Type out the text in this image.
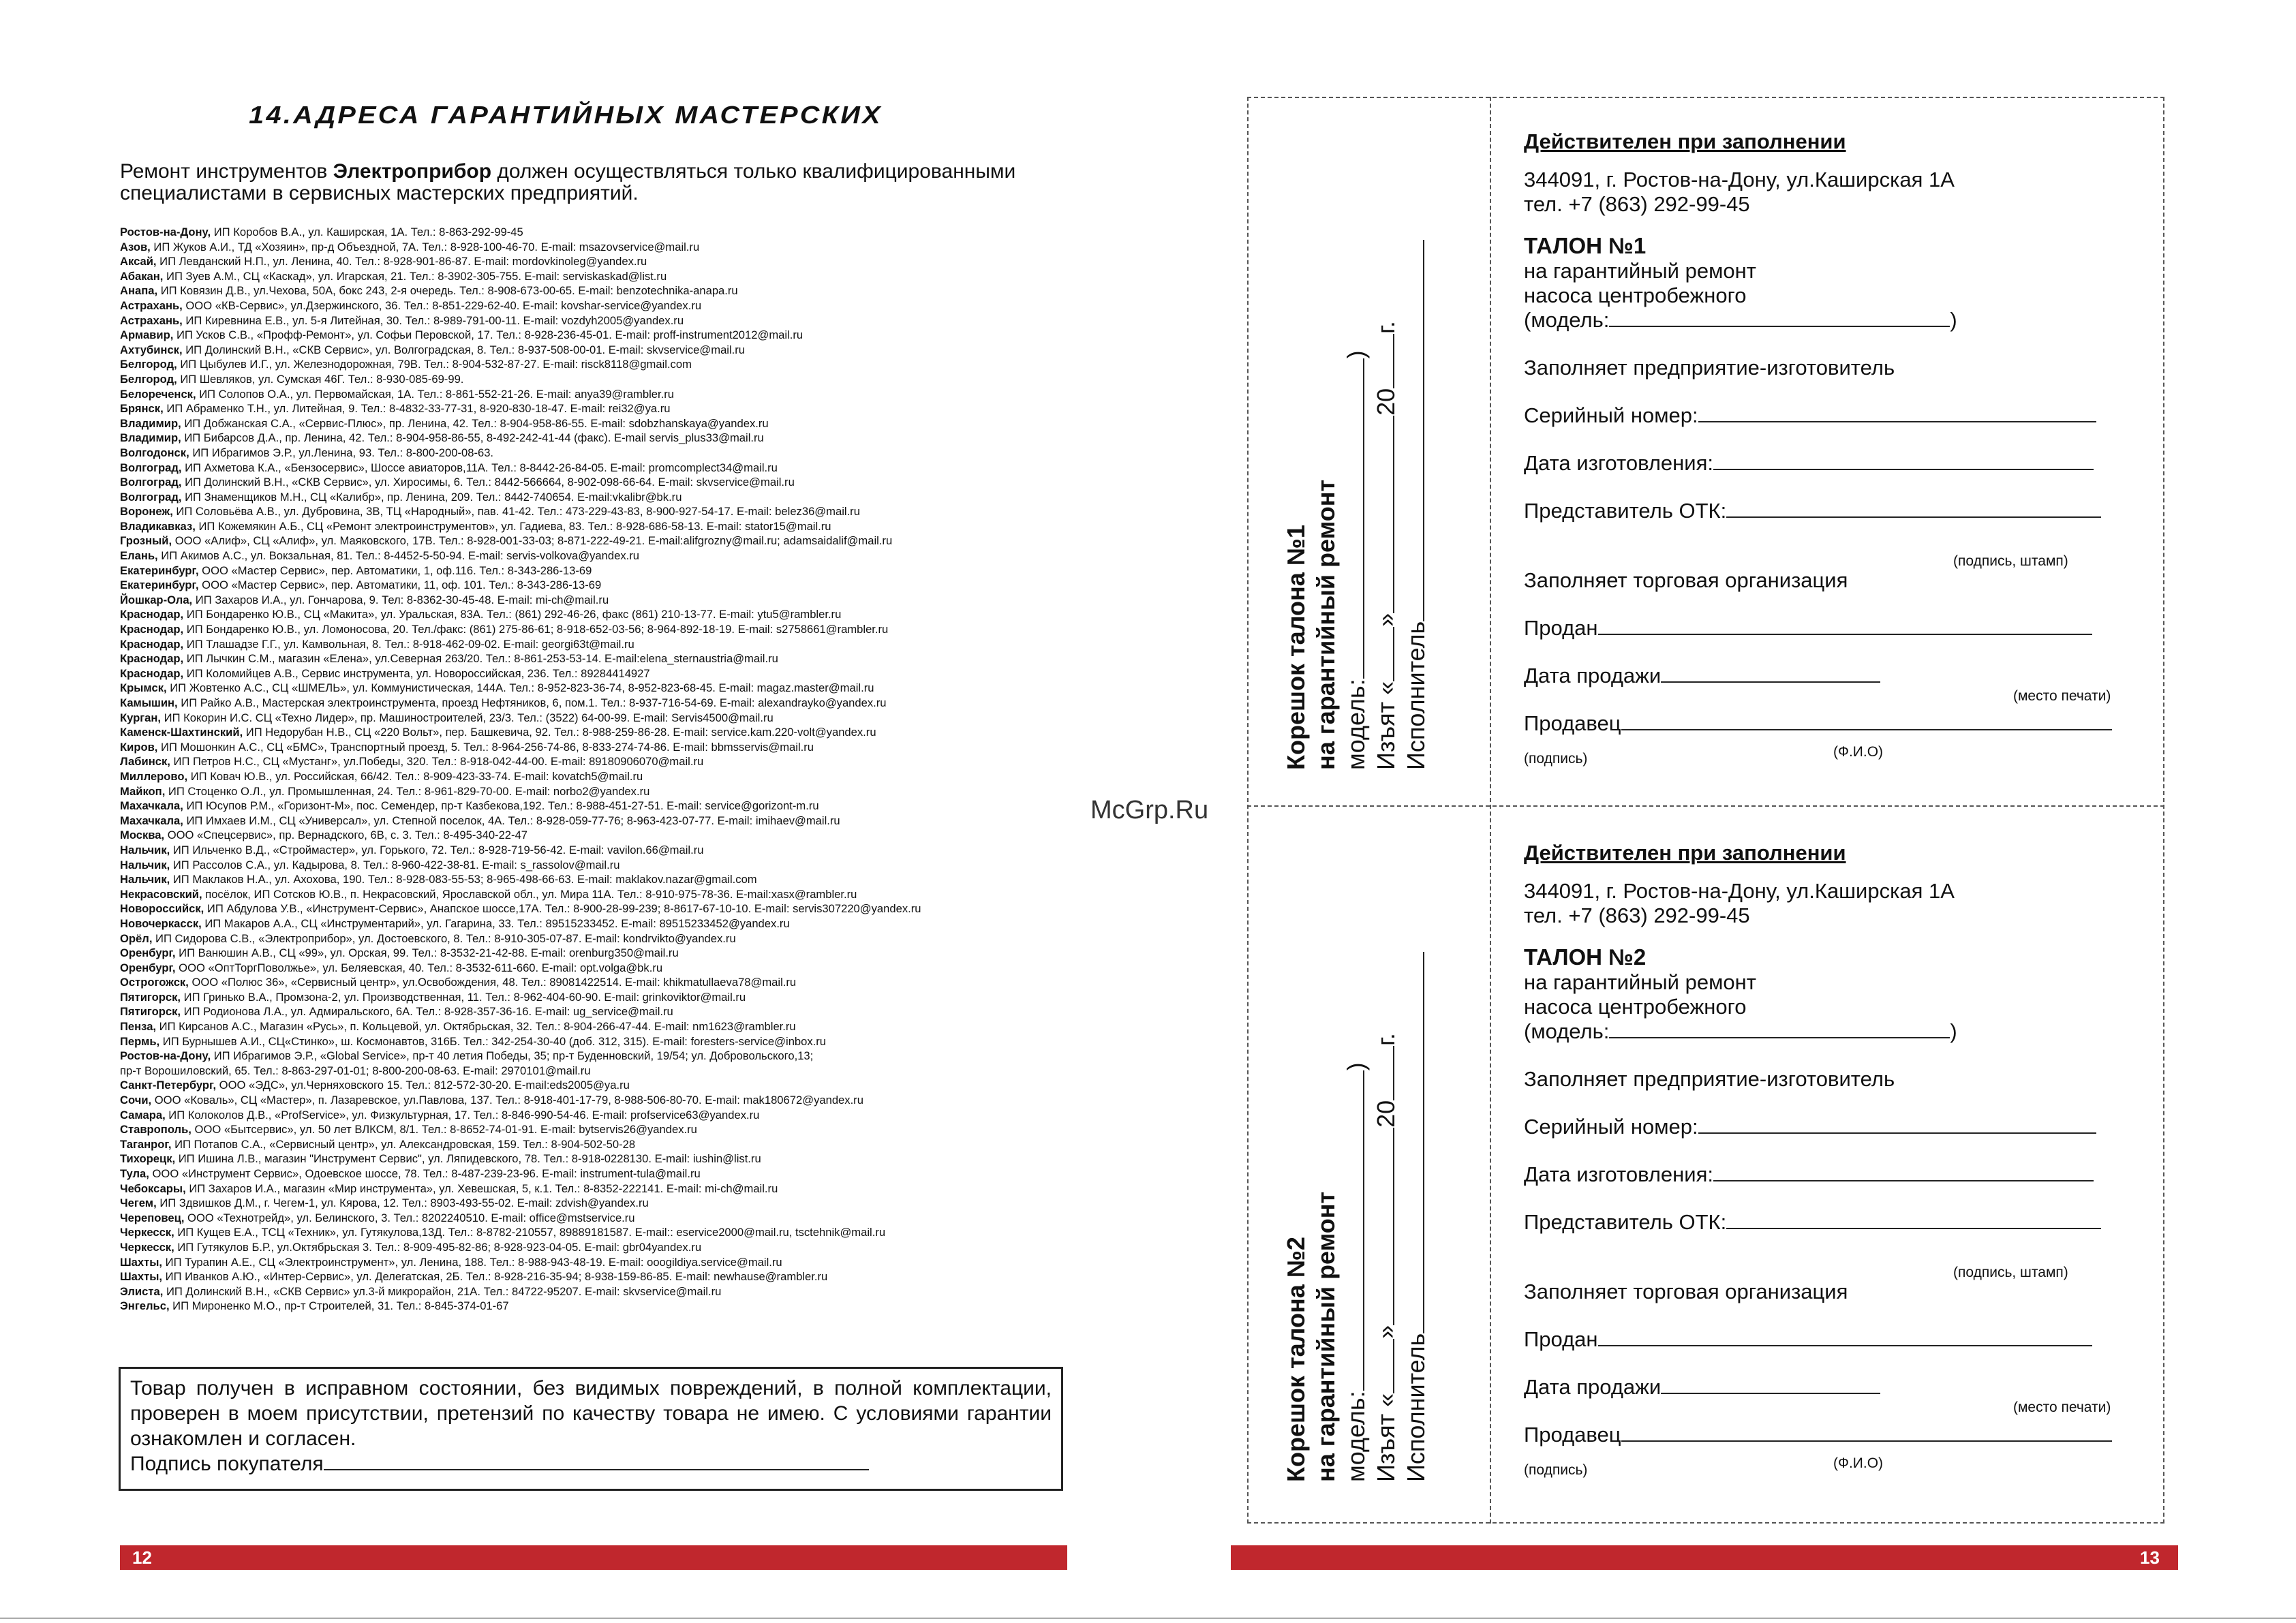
14.АДРЕСА ГАРАНТИЙНЫХ МАСТЕРСКИХ
Ремонт инструментов Электроприбор должен осуществляться только квалифицированными специалистами в сервисных мастерских предприятий.
Ростов-на-Дону, ИП Коробов В.А., ул. Каширская, 1А. Тел.: 8-863-292-99-45
Азов, ИП Жуков А.И., ТД «Хозяин», пр-д Объездной, 7А. Тел.: 8-928-100-46-70. E-mail: msazovservice@mail.ru
Аксай, ИП Левданский Н.П., ул. Ленина, 40. Тел.: 8-928-901-86-87. E-mail: mordovkinoleg@yandex.ru
Абакан, ИП Зуев А.М., СЦ «Каскад», ул. Игарская, 21. Тел.: 8-3902-305-755. E-mail: serviskaskad@list.ru
Анапа, ИП Ковязин Д.В., ул.Чехова, 50А, бокс 243, 2-я очередь. Тел.: 8-908-673-00-65. E-mail: benzotechnika-anapa.ru
Астрахань, ООО «КВ-Сервис», ул.Дзержинского, 36. Тел.: 8-851-229-62-40. E-mail: kovshar-service@yandex.ru
Астрахань, ИП Киревнина Е.В., ул. 5-я Литейная, 30. Тел.: 8-989-791-00-11. E-mail: vozdyh2005@yandex.ru
Армавир, ИП Усков С.В., «Профф-Ремонт», ул. Софьи Перовской, 17. Тел.: 8-928-236-45-01. E-mail: proff-instrument2012@mail.ru
Ахтубинск, ИП Долинский В.Н., «СКВ Сервис», ул. Волгоградская, 8. Тел.: 8-937-508-00-01. E-mail: skvservice@mail.ru
Белгород, ИП Цыбулев И.Г., ул. Железнодорожная, 79В. Тел.: 8-904-532-87-27. E-mail: risck8118@gmail.com
Белгород, ИП Шевляков, ул. Сумская 46Г. Тел.: 8-930-085-69-99.
Белореченск, ИП Солопов О.А., ул. Первомайская, 1А. Тел.: 8-861-552-21-26. E-mail: anya39@rambler.ru
Брянск, ИП Абраменко Т.Н., ул. Литейная, 9. Тел.: 8-4832-33-77-31, 8-920-830-18-47. E-mail: rei32@ya.ru
Владимир, ИП Добжанская С.А., «Сервис-Плюс», пр. Ленина, 42. Тел.: 8-904-958-86-55. E-mail: sdobzhanskaya@yandex.ru
Владимир, ИП Бибарсов Д.А., пр. Ленина, 42. Тел.: 8-904-958-86-55, 8-492-242-41-44 (факс). E-mail servis_plus33@mail.ru
Волгодонск, ИП Ибрагимов Э.Р., ул.Ленина, 93. Тел.: 8-800-200-08-63.
Волгоград, ИП Ахметова К.А., «Бензосервис», Шоссе авиаторов,11А. Тел.: 8-8442-26-84-05. E-mail: promcomplect34@mail.ru
Волгоград, ИП Долинский В.Н., «СКВ Сервис», ул. Хиросимы, 6. Тел.: 8442-566664, 8-902-098-66-64. E-mail: skvservice@mail.ru
Волгоград, ИП Знаменщиков М.Н., СЦ «Калибр», пр. Ленина, 209. Тел.: 8442-740654. E-mail:vkalibr@bk.ru
Воронеж, ИП Соловьёва А.В., ул. Дубровина, 3В, ТЦ «Народный», пав. 41-42. Тел.: 473-229-43-83, 8-900-927-54-17. E-mail: belez36@mail.ru
Владикавказ, ИП Кожемякин А.Б., СЦ «Ремонт электроинструментов», ул. Гадиева, 83. Тел.: 8-928-686-58-13. E-mail: stator15@mail.ru
Грозный, ООО «Алиф», СЦ «Алиф», ул. Маяковского, 17В. Тел.: 8-928-001-33-03; 8-871-222-49-21. E-mail:alifgrozny@mail.ru; adamsaidalif@mail.ru
Елань, ИП Акимов А.С., ул. Вокзальная, 81. Тел.: 8-4452-5-50-94. E-mail: servis-volkova@yandex.ru
Екатеринбург, ООО «Мастер Сервис», пер. Автоматики, 1, оф.116. Тел.: 8-343-286-13-69
Екатеринбург, ООО «Мастер Сервис», пер. Автоматики, 11, оф. 101. Тел.: 8-343-286-13-69
Йошкар-Ола, ИП Захаров И.А., ул. Гончарова, 9. Тел: 8-8362-30-45-48. E-mail: mi-ch@mail.ru
Краснодар, ИП Бондаренко Ю.В., СЦ «Макита», ул. Уральская, 83А. Тел.: (861) 292-46-26, факс (861) 210-13-77. E-mail: ytu5@rambler.ru
Краснодар, ИП Бондаренко Ю.В., ул. Ломоносова, 20. Тел./факс: (861) 275-86-61; 8-918-652-03-56; 8-964-892-18-19. E-mail: s2758661@rambler.ru
Краснодар, ИП Тлашадзе Г.Г., ул. Камвольная, 8. Тел.: 8-918-462-09-02. E-mail: georgi63t@mail.ru
Краснодар, ИП Лычкин С.М., магазин «Елена», ул.Северная 263/20. Тел.: 8-861-253-53-14. E-mail:elena_sternaustria@mail.ru
Краснодар, ИП Коломийцев А.В., Сервис инструмента, ул. Новороссийская, 236. Тел.: 89284414927
Крымск, ИП Жовтенко А.С., СЦ «ШМЕЛЬ», ул. Коммунистическая, 144А. Тел.: 8-952-823-36-74, 8-952-823-68-45. E-mail: magaz.master@mail.ru
Камышин, ИП Райко А.В., Мастерская электроинструмента, проезд Нефтяников, 6, пом.1. Тел.: 8-937-716-54-69. E-mail: alexandrayko@yandex.ru
Курган, ИП Кокорин И.С. СЦ «Техно Лидер», пр. Машиностроителей, 23/3. Тел.: (3522) 64-00-99. E-mail: Servis4500@mail.ru
Каменск-Шахтинский, ИП Недорубан Н.В., СЦ «220 Вольт», пер. Башкевича, 92. Тел.: 8-988-259-86-28. E-mail: service.kam.220-volt@yandex.ru
Киров, ИП Мошонкин А.С., СЦ «БМС», Транспортный проезд, 5. Тел.: 8-964-256-74-86, 8-833-274-74-86. E-mail: bbmsservis@mail.ru
Лабинск, ИП Петров Н.С., СЦ «Мустанг», ул.Победы, 320. Тел.: 8-918-042-44-00. E-mail: 89180906070@mail.ru
Миллерово, ИП Ковач Ю.В., ул. Российская, 66/42. Тел.: 8-909-423-33-74. E-mail: kovatch5@mail.ru
Майкоп, ИП Стоценко О.Л., ул. Промышленная, 24. Тел.: 8-961-829-70-00. E-mail: norbo2@yandex.ru
Махачкала, ИП Юсупов Р.М., «Горизонт-М», пос. Семендер, пр-т Казбекова,192. Тел.: 8-988-451-27-51. E-mail: service@gorizont-m.ru
Махачкала, ИП Имхаев И.М., СЦ «Универсал», ул. Степной поселок, 4А. Тел.: 8-928-059-77-76; 8-963-423-07-77. E-mail: imihaev@mail.ru
Москва, ООО «Спецсервис», пр. Вернадского, 6В, с. 3. Тел.: 8-495-340-22-47
Нальчик, ИП Ильченко В.Д., «Строймастер», ул. Горького, 72. Тел.: 8-928-719-56-42. E-mail: vavilon.66@mail.ru
Нальчик, ИП Рассолов С.А., ул. Кадырова, 8. Тел.: 8-960-422-38-81. E-mail: s_rassolov@mail.ru
Нальчик, ИП Маклаков Н.А., ул. Ахохова, 190. Тел.: 8-928-083-55-53; 8-965-498-66-63. E-mail: maklakov.nazar@gmail.com
Некрасовский, посёлок, ИП Сотсков Ю.В., п. Некрасовский, Ярославской обл., ул. Мира 11А. Тел.: 8-910-975-78-36. E-mail:xasx@rambler.ru
Новороссийск, ИП Абдулова У.В., «Инструмент-Сервис», Анапское шоссе,17А. Тел.: 8-900-28-99-239; 8-8617-67-10-10. E-mail: servis307220@yandex.ru
Новочеркасск, ИП Макаров А.А., СЦ «Инструментарий», ул. Гагарина, 33. Тел.: 89515233452. E-mail: 89515233452@yandex.ru
Орёл, ИП Сидорова С.В., «Электроприбор», ул. Достоевского, 8. Тел.: 8-910-305-07-87. E-mail: kondrvikto@yandex.ru
Оренбург, ИП Ванюшин А.В., СЦ «99», ул. Орская, 99. Тел.: 8-3532-21-42-88. E-mail: orenburg350@mail.ru
Оренбург, ООО «ОптТоргПоволжье», ул. Беляевская, 40. Тел.: 8-3532-611-660. E-mail: opt.volga@bk.ru
Острогожск, ООО «Полюс 36», «Сервисный центр», ул.Освобождения, 48. Тел.: 89081422514. E-mail: khikmatullaeva78@mail.ru
Пятигорск, ИП Гринько В.А., Промзона-2, ул. Производственная, 11. Тел.: 8-962-404-60-90. E-mail: grinkoviktor@mail.ru
Пятигорск, ИП Родионова Л.А., ул. Адмиральского, 6А. Тел.: 8-928-357-36-16. E-mail: ug_service@mail.ru
Пенза, ИП Кирсанов А.С., Магазин «Русь», п. Кольцевой, ул. Октябрьская, 32. Тел.: 8-904-266-47-44. E-mail: nm1623@rambler.ru
Пермь, ИП Бурнышев А.И., СЦ«Стинко», ш. Космонавтов, 316Б. Тел.: 342-254-30-40 (доб. 312, 315). E-mail: foresters-service@inbox.ru
Ростов-на-Дону, ИП Ибрагимов Э.Р., «Global Service», пр-т 40 летия Победы, 35; пр-т Буденновский, 19/54; ул. Добровольского,13;
пр-т Ворошиловский, 65. Тел.: 8-863-297-01-01; 8-800-200-08-63. E-mail: 2970101@mail.ru
Санкт-Петербург, ООО «ЭДС», ул.Черняховского 15. Тел.: 812-572-30-20. E-mail:eds2005@ya.ru
Сочи, ООО «Коваль», СЦ «Мастер», п. Лазаревское, ул.Павлова, 137. Тел.: 8-918-401-17-79, 8-988-506-80-70. E-mail: mak180672@yandex.ru
Самара, ИП Колоколов Д.В., «ProfService», ул. Физкультурная, 17. Тел.: 8-846-990-54-46. E-mail: profservice63@yandex.ru
Ставрополь, ООО «Бытсервис», ул. 50 лет ВЛКСМ, 8/1. Тел.: 8-8652-74-01-91. E-mail: bytservis26@yandex.ru
Таганрог, ИП Потапов С.А., «Сервисный центр», ул. Александровская, 159. Тел.: 8-904-502-50-28
Тихорецк, ИП Ишина Л.В., магазин "Инструмент Сервис", ул. Ляпидевского, 78. Тел.: 8-918-0228130. E-mail: iushin@list.ru
Тула, ООО «Инструмент Сервис», Одоевское шоссе, 78. Тел.: 8-487-239-23-96. E-mail: instrument-tula@mail.ru
Чебоксары, ИП Захаров И.А., магазин «Мир инструмента», ул. Хевешская, 5, к.1. Тел.: 8-8352-222141. E-mail: mi-ch@mail.ru
Чегем, ИП Здвишков Д.М., г. Чегем-1, ул. Кярова, 12. Тел.: 8903-493-55-02. E-mail: zdvish@yandex.ru
Череповец, ООО «Технотрейд», ул. Белинского, 3. Тел.: 8202240510. E-mail: office@mstservice.ru
Черкесск, ИП Кущев Е.А., ТСЦ «Техник», ул. Гутякулова,13Д. Тел.: 8-8782-210557, 89889181587. E-mail:: eservice2000@mail.ru, tsctehnik@mail.ru
Черкесск, ИП Гутякулов Б.Р., ул.Октябрьская 3. Тел.: 8-909-495-82-86; 8-928-923-04-05. E-mail: gbr04yandex.ru
Шахты, ИП Турапин А.Е., СЦ «Электроинструмент», ул. Ленина, 188. Тел.: 8-988-943-48-19. E-mail: ooogildiya.service@mail.ru
Шахты, ИП Иванков А.Ю., «Интер-Сервис», ул. Делегатская, 2Б. Тел.: 8-928-216-35-94; 8-938-159-86-85. E-mail: newhause@rambler.ru
Элиста, ИП Долинский В.Н., «СКВ Сервис» ул.3-й микрорайон, 21А. Тел.: 84722-95207. E-mail: skvservice@mail.ru
Энгельс, ИП Мироненко М.О., пр-т Строителей, 31. Тел.: 8-845-374-01-67
Товар получен в исправном состоянии, без видимых повреждений, в полной комплектации, проверен в моем присутствии, претензий по качеству товара не имею. С условиями гарантии ознакомлен и согласен.
Подпись покупателя
12
McGrp.Ru
Корешок талона №1 на гарантийный ремонт модель:)
Изъят «»20г.
Исполнитель
Действителен при заполнении
344091, г. Ростов-на-Дону, ул.Каширская 1А
тел. +7 (863) 292-99-45
ТАЛОН №1
на гарантийный ремонт
насоса центробежного
(модель:	)
Заполняет предприятие-изготовитель
Серийный номер:
Дата изготовления:
Представитель ОТК:
(подпись, штамп)
Заполняет торговая организация
Продан
Дата продажи
(место печати)
Продавец
(подпись)	(Ф.И.О)
Корешок талона №2 на гарантийный ремонт модель:)
Изъят «»20г.
Исполнитель
Действителен при заполнении
344091, г. Ростов-на-Дону, ул.Каширская 1А
тел. +7 (863) 292-99-45
ТАЛОН №2
на гарантийный ремонт
насоса центробежного
(модель:	)
Заполняет предприятие-изготовитель
Серийный номер:
Дата изготовления:
Представитель ОТК:
(подпись, штамп)
Заполняет торговая организация
Продан
Дата продажи
(место печати)
Продавец
(подпись)	(Ф.И.О)
13
